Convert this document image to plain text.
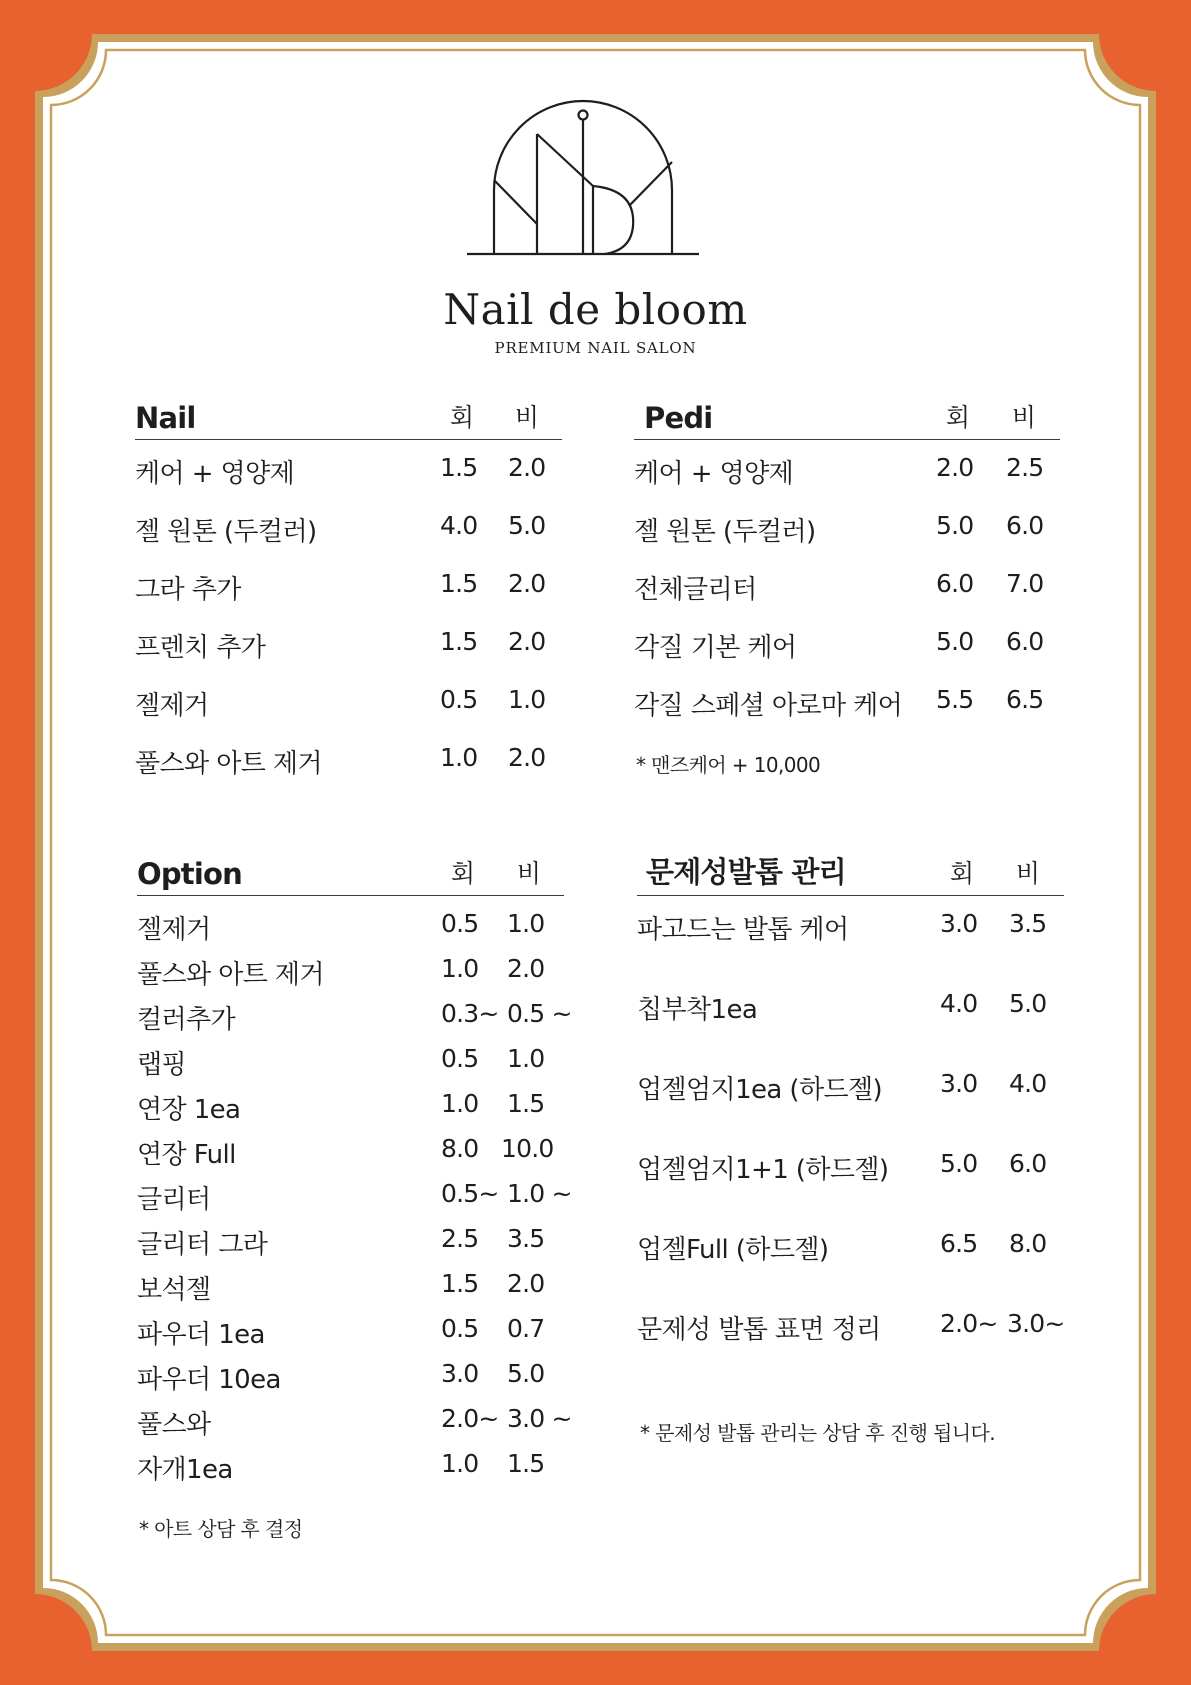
Nail de bloom
PREMIUM NAIL SALON
Nail	회	비
케어 + 영양제	1.5 2.0
젤 원톤 (두컬러)	4.0 5.0
그라 추가	1.5 2.0
프렌치 추가	1.5 2.0
젤제거	0.5 1.0
풀스와 아트 제거	1.0 2.0
Pedi	회	비
케어 + 영양제	2.0 2.5
젤 원톤 (두컬러)	5.0 6.0
전체글리터	6.0 7.0
각질 기본 케어	5.0 6.0
각질 스페셜 아로마 케어 5.5 6.5
* 맨즈케어 + 10,000
Option	회	비
젤제거	0.5 1.0
풀스와 아트 제거	1.0 2.0
컬러추가	0.3~ 0.5 ~
랩핑	0.5 1.0
연장 1ea	1.0 1.5
연장 Full	8.0 10.0
글리터	0.5~ 1.0 ~
글리터 그라	2.5 3.5
보석젤	1.5 2.0
파우더 1ea	0.5 0.7
파우더 10ea	3.0 5.0
풀스와	2.0~ 3.0 ~
자개1ea	1.0 1.5
* 아트 상담 후 결정
문제성발톱 관리	회	비
파고드는 발톱 케어	3.0 3.5
칩부착1ea	4.0 5.0
업젤엄지1ea (하드젤) 3.0 4.0
업젤엄지1+1 (하드젤) 5.0 6.0
업젤Full (하드젤)	6.5 8.0
문제성 발톱 표면 정리 2.0~ 3.0~
* 문제성 발톱 관리는 상담 후 진행 됩니다.
